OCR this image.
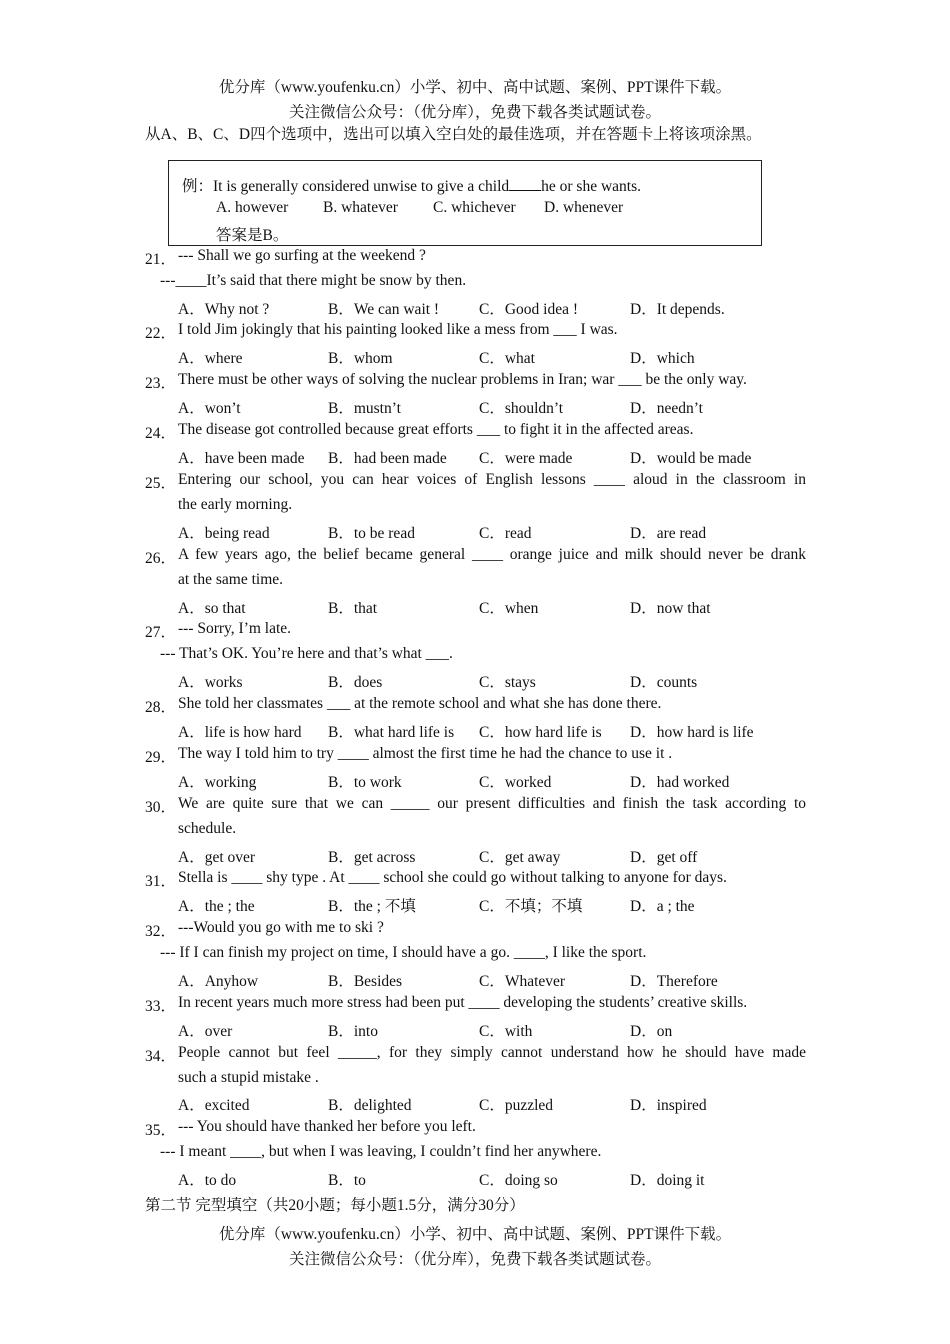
优分库（www.youfenku.cn）小学、初中、高中试题、案例、PPT课件下载。
关注微信公众号：（优分库），免费下载各类试题试卷。
从A、B、C、D四个选项中，选出可以填入空白处的最佳选项，并在答题卡上将该项涂黑。
例：It is generally considered unwise to give a child he or she wants.
A. however B. whatever C. whichever D. whenever
答案是B。
21． --- Shall we go surfing at the weekend ?
---____It’s said that there might be snow by then.
A．Why not ?	B．We can wait !	C．Good idea !	D．It depends.
22． I told Jim jokingly that his painting looked like a mess from ___ I was.
A．where	B．whom	C．what	D．which
23． There must be other ways of solving the nuclear problems in Iran; war ___ be the only way.
A．won’t	B．mustn’t	C．shouldn’t	D．needn’t
24． The disease got controlled because great efforts ___ to fight it in the affected areas.
A．have been made B．had been made C．were made	D．would be made
25． Entering our school, you can hear voices of English lessons ____ aloud in the classroom in
the early morning.
A．being read	B．to be read	C．read	D．are read
26． A few years ago, the belief became general ____ orange juice and milk should never be drank
at the same time.
A．so that	B．that	C．when	D．now that
27． --- Sorry, I’m late.
--- That’s OK. You’re here and that’s what ___.
A．works	B．does	C．stays	D．counts
28． She told her classmates ___ at the remote school and what she has done there.
A．life is how hard B．what hard life is C．how hard life is D．how hard is life
29． The way I told him to try ____ almost the first time he had the chance to use it .
A．working	B．to work	C．worked	D．had worked
30． We are quite sure that we can _____ our present difficulties and finish the task according to
schedule.
A．get over	B．get across	C．get away	D．get off
31． Stella is ____ shy type . At ____ school she could go without talking to anyone for days.
A．the ; the	B．the ; 不填	C．不填；不填	D．a ; the
32． ---Would you go with me to ski ?
--- If I can finish my project on time, I should have a go. ____, I like the sport.
A．Anyhow	B．Besides	C．Whatever	D．Therefore
33． In recent years much more stress had been put ____ developing the students’ creative skills.
A．over	B．into	C．with	D．on
34． People cannot but feel _____, for they simply cannot understand how he should have made
such a stupid mistake .
A．excited	B．delighted	C．puzzled	D．inspired
35． --- You should have thanked her before you left.
--- I meant ____, but when I was leaving, I couldn’t find her anywhere.
A．to do	B．to	C．doing so	D．doing it
第二节 完型填空（共20小题；每小题1.5分，满分30分）
优分库（www.youfenku.cn）小学、初中、高中试题、案例、PPT课件下载。
关注微信公众号：（优分库），免费下载各类试题试卷。
